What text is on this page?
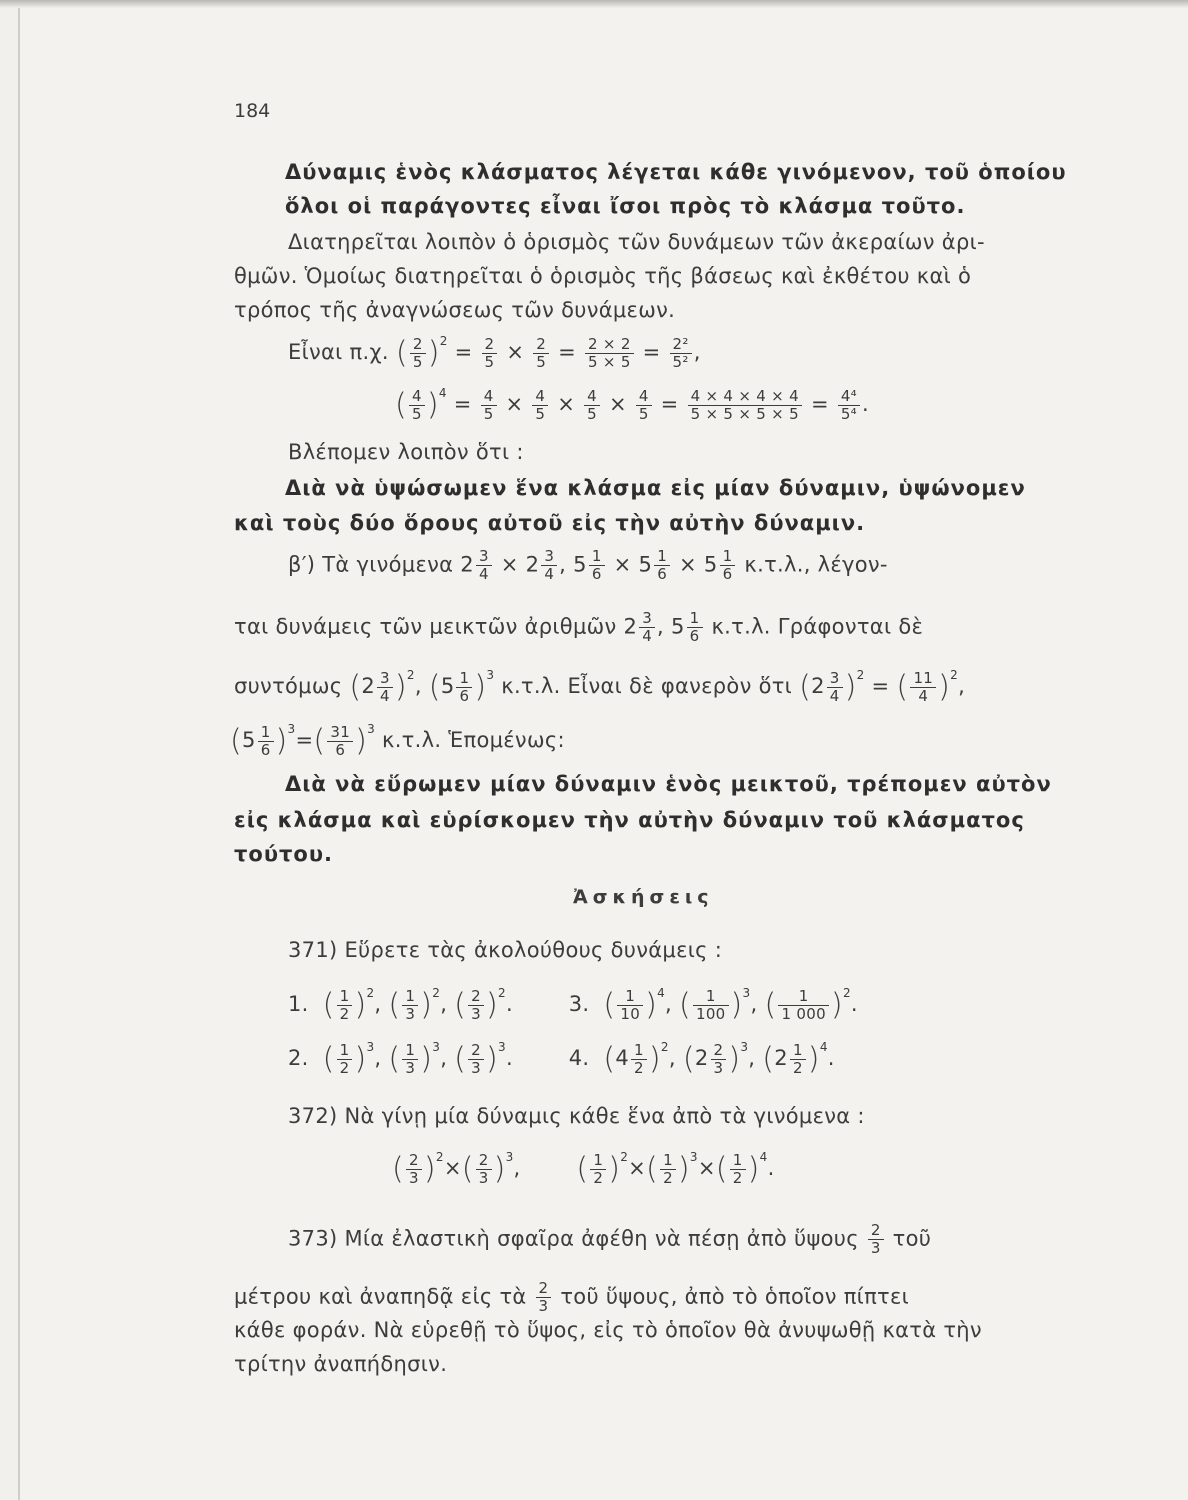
184
Δύναμις ἑνὸς κλάσματος λέγεται κάθε γινόμενον, τοῦ ὁποίου
ὅλοι οἱ παράγοντες εἶναι ἴσοι πρὸς τὸ κλάσμα τοῦτο.
Διατηρεῖται λοιπὸν ὁ ὁρισμὸς τῶν δυνάμεων τῶν ἀκεραίων ἀρι-
θμῶν. Ὁμοίως διατηρεῖται ὁ ὁρισμὸς τῆς βάσεως καὶ ἐκθέτου καὶ ὁ
τρόπος τῆς ἀναγνώσεως τῶν δυνάμεων.
Εἶναι π.χ. ( $\frac{2}{5} )^2 = \frac{2}{5} \times \frac{2}{5} = \frac{2 \times 2}{5 \times 5} = \frac{\text{2²}}{\text{5²}}$ ,
( $\frac{4}{5} )^4 = \frac{4}{5} \times \frac{4}{5} \times \frac{4}{5} \times \frac{4}{5} = \frac{4 \times 4 \times 4 \times 4}{5 \times 5 \times 5 \times 5} = \frac{\text{4⁴}}{\text{5⁴}}$ .
Βλέπομεν λοιπὸν ὅτι :
Διὰ νὰ ὑψώσωμεν ἕνα κλάσμα εἰς μίαν δύναμιν, ὑψώνομεν
καὶ τοὺς δύο ὅρους αὐτοῦ εἰς τὴν αὐτὴν δύναμιν.
β′) Τὰ γινόμενα $2 \frac{3}{4} \times 2 \frac{3}{4}$ , $5 \frac{1}{6} \times 5 \frac{1}{6} \times 5 \frac{1}{6} \kappa.\tau.\lambda$., λέγον-
ται δυνάμεις τῶν μεικτῶν ἀριθμῶν $2 \frac{3}{4}$ , $5 \frac{1}{6} \kappa.\tau.\lambda$. Γράφονται δὲ
συντόμως $(2 \frac{3}{4} )^2$, $(5 \frac{1}{6} )^3$ κ.τ.λ. Εἶναι δὲ φανερὸν ὅτι $(2 \frac{3}{4} )^2$ = ( $\frac{11}{4} )^2$,
$(5 \frac{1}{6} )^3=( \frac{31}{6} )^3$ κ.τ.λ. Ἑπομένως:
Διὰ νὰ εὕρωμεν μίαν δύναμιν ἑνὸς μεικτοῦ, τρέπομεν αὐτὸν
εἰς κλάσμα καὶ εὑρίσκομεν τὴν αὐτὴν δύναμιν τοῦ κλάσματος
τούτου.
Ἀσκήσεις
371) Εὕρετε τὰς ἀκολούθους δυνάμεις :
1. ( $\frac{1}{2} )^2$, ( $\frac{1}{3} )^2$, ( $\frac{2}{3} )^2$.	3. ( $\frac{1}{10} )^4$, ( $\frac{1}{100} )^3$, ( $\frac{1}{1 000} )^2$.
2. ( $\frac{1}{2} )^3$, ( $\frac{1}{3} )^3$, ( $\frac{2}{3} )^3$.	4. $(4 \frac{1}{2} )^2$, $(2 \frac{2}{3} )^3$, $(2 \frac{1}{2} )^4$.
372) Νὰ γίνῃ μία δύναμις κάθε ἕνα ἀπὸ τὰ γινόμενα :
( $\frac{2}{3} )^2\times( \frac{2}{3} )^3$, ( $\frac{1}{2} )^2\times( \frac{1}{2} )^3\times( \frac{1}{2} )^4$.
373) Μία ἐλαστικὴ σφαῖρα ἀφέθη νὰ πέσῃ ἀπὸ ὕψους $\frac{2}{3}$ τοῦ
μέτρου καὶ ἀναπηδᾷ εἰς τὰ $\frac{2}{3}$ τοῦ ὕψους, ἀπὸ τὸ ὁποῖον πίπτει
κάθε φοράν. Νὰ εὑρεθῇ τὸ ὕψος, εἰς τὸ ὁποῖον θὰ ἀνυψωθῇ κατὰ τὴν
τρίτην ἀναπήδησιν.
